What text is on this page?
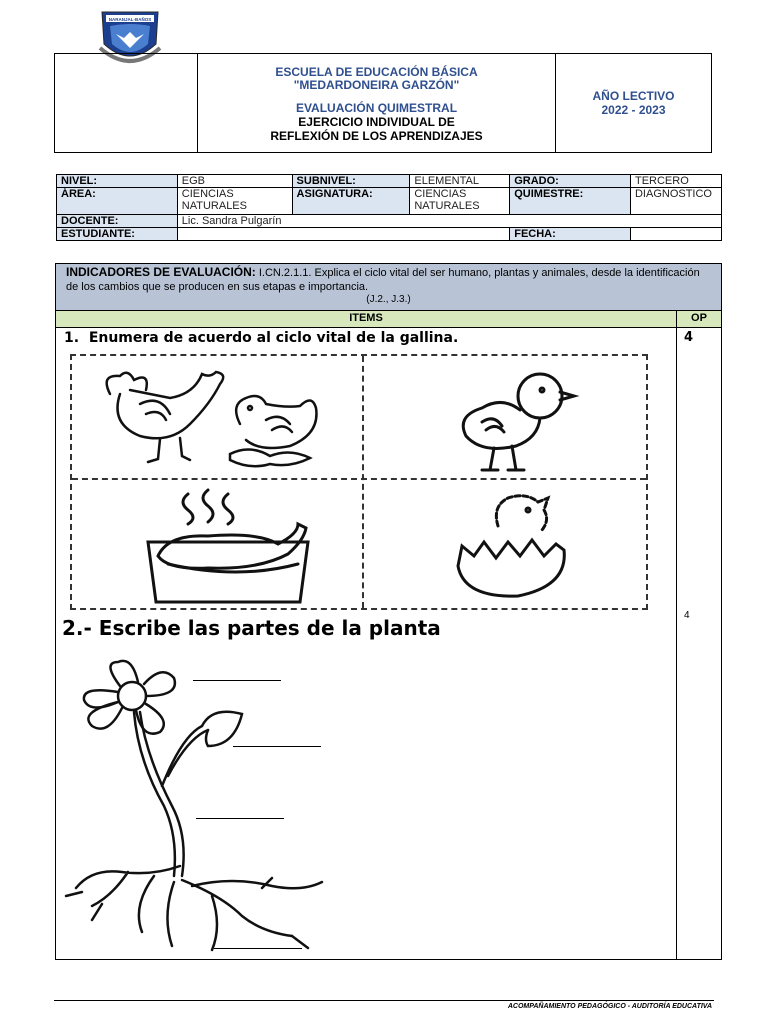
NARANJAL-BAÑOS
ESCUELA DE EDUCACIÓN BÁSICA
"MEDARDONEIRA GARZÓN"
EVALUACIÓN QUIMESTRAL
EJERCICIO INDIVIDUAL DE
REFLEXIÓN DE LOS APRENDIZAJES
AÑO LECTIVO
2022 - 2023
NIVEL:	EGB	SUBNIVEL:	ELEMENTAL	GRADO:	TERCERO
ÁREA:	CIENCIAS NATURALES	ASIGNATURA:	CIENCIAS NATURALES	QUIMESTRE:	DIAGNOSTICO
DOCENTE:	Lic. Sandra Pulgarín				
ESTUDIANTE:				FECHA:	
INDICADORES DE EVALUACIÓN: I.CN.2.1.1. Explica el ciclo vital del ser humano, plantas y animales, desde la identificación de los cambios que se producen en sus etapas e importancia.
(J.2., J.3.)
ITEMS	OP
1. Enumera de acuerdo al ciclo vital de la gallina.	4
2.- Escribe las partes de la planta
4
ACOMPAÑAMIENTO PEDAGÓGICO - AUDITORÍA EDUCATIVA
